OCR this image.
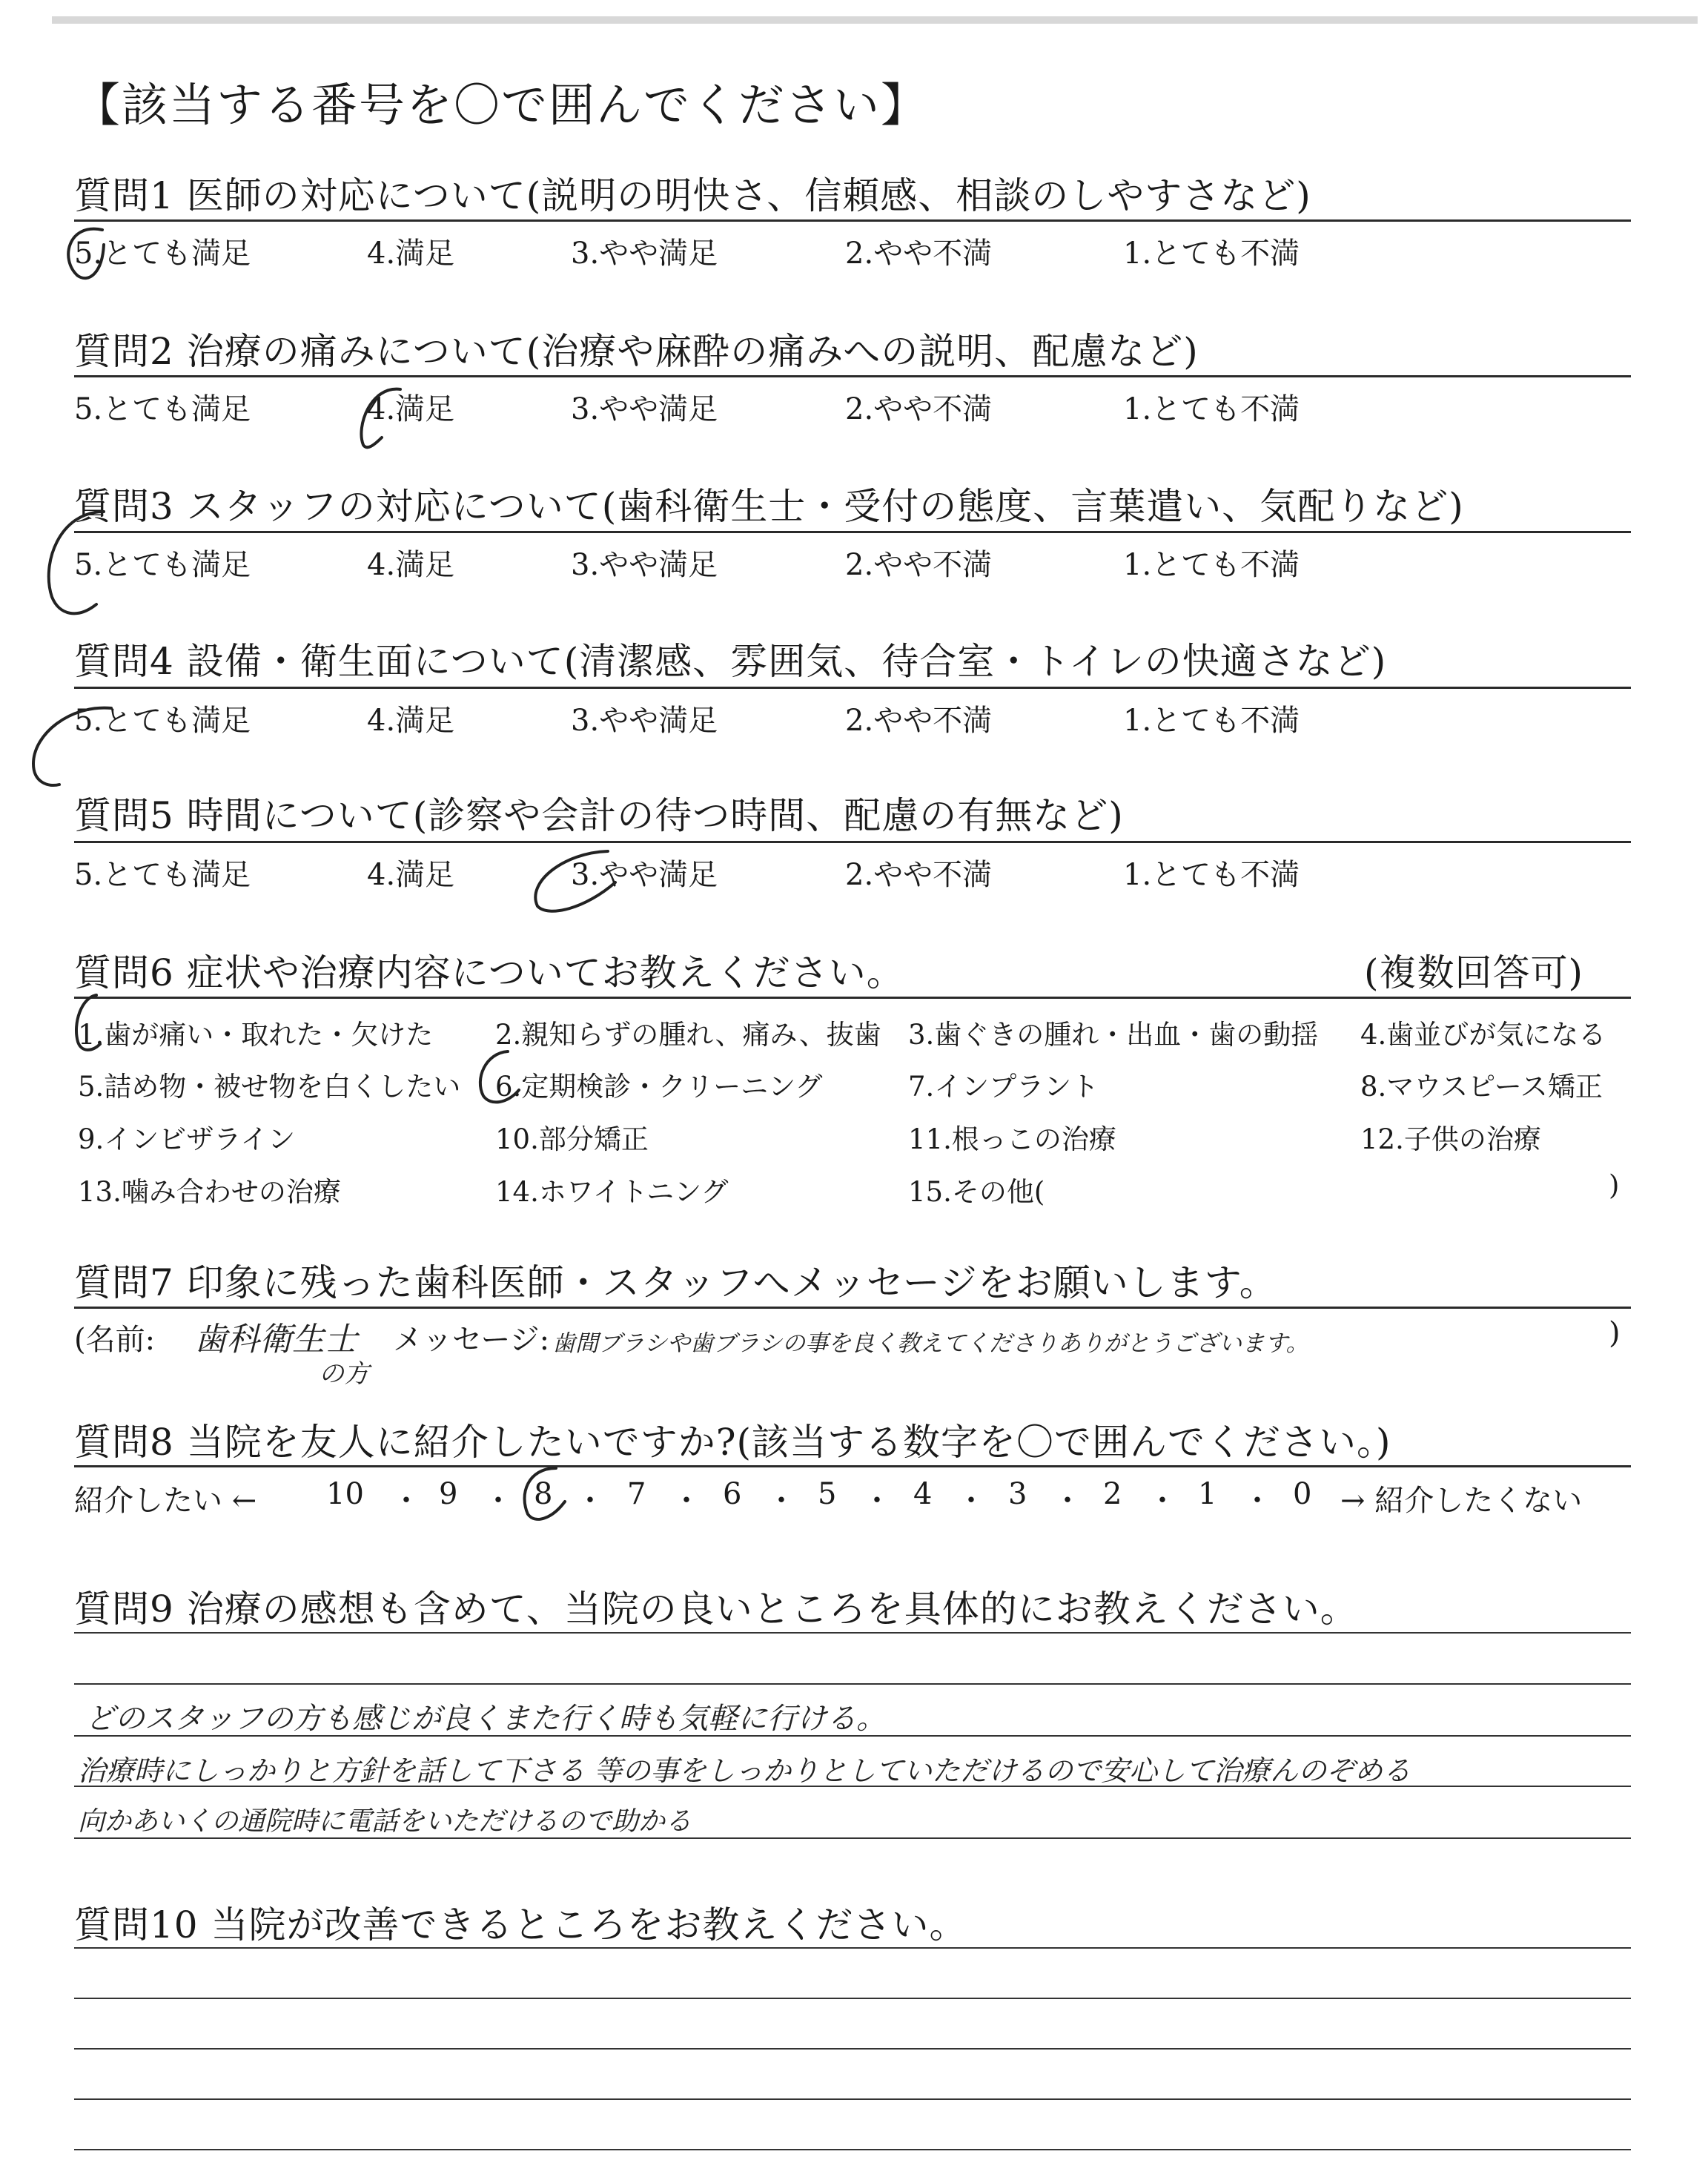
【該当する番号を〇で囲んでください】
質問1 医師の対応について(説明の明快さ、信頼感、相談のしやすさなど)
5.とても満足	4.満足	3.やや満足	2.やや不満	1.とても不満
質問2 治療の痛みについて(治療や麻酔の痛みへの説明、配慮など)
5.とても満足	4.満足	3.やや満足	2.やや不満	1.とても不満
質問3 スタッフの対応について(歯科衛生士・受付の態度、言葉遣い、気配りなど)
5.とても満足	4.満足	3.やや満足	2.やや不満	1.とても不満
質問4 設備・衛生面について(清潔感、雰囲気、待合室・トイレの快適さなど)
5.とても満足	4.満足	3.やや満足	2.やや不満	1.とても不満
質問5 時間について(診察や会計の待つ時間、配慮の有無など)
5.とても満足	4.満足	3.やや満足	2.やや不満	1.とても不満
質問6 症状や治療内容についてお教えください。	(複数回答可)
1.歯が痛い・取れた・欠けた 2.親知らずの腫れ、痛み、抜歯 3.歯ぐきの腫れ・出血・歯の動揺 4.歯並びが気になる
5.詰め物・被せ物を白くしたい 6.定期検診・クリーニング	7.インプラント	8.マウスピース矯正
9.インビザライン	10.部分矯正	11.根っこの治療	12.子供の治療
13.噛み合わせの治療	14.ホワイトニング	15.その他(	)
質問7 印象に残った歯科医師・スタッフへメッセージをお願いします。
(名前: 歯科衛生士
の方
メッセージ: 歯間ブラシや歯ブラシの事を良く教えてくださりありがとうございます。	)
質問8 当院を友人に紹介したいですか?(該当する数字を〇で囲んでください。)
紹介したい ← 10 ・ 9 ・ 8 ・ 7 ・ 6 ・ 5 ・ 4 ・ 3 ・ 2 ・ 1 ・ 0 → 紹介したくない
質問9 治療の感想も含めて、当院の良いところを具体的にお教えください。
どのスタッフの方も感じが良くまた行く時も気軽に行ける。
治療時にしっかりと方針を話して下さる 等の事をしっかりとしていただけるので安心して治療んのぞめる
向かあいくの通院時に電話をいただけるので助かる
質問10 当院が改善できるところをお教えください。
